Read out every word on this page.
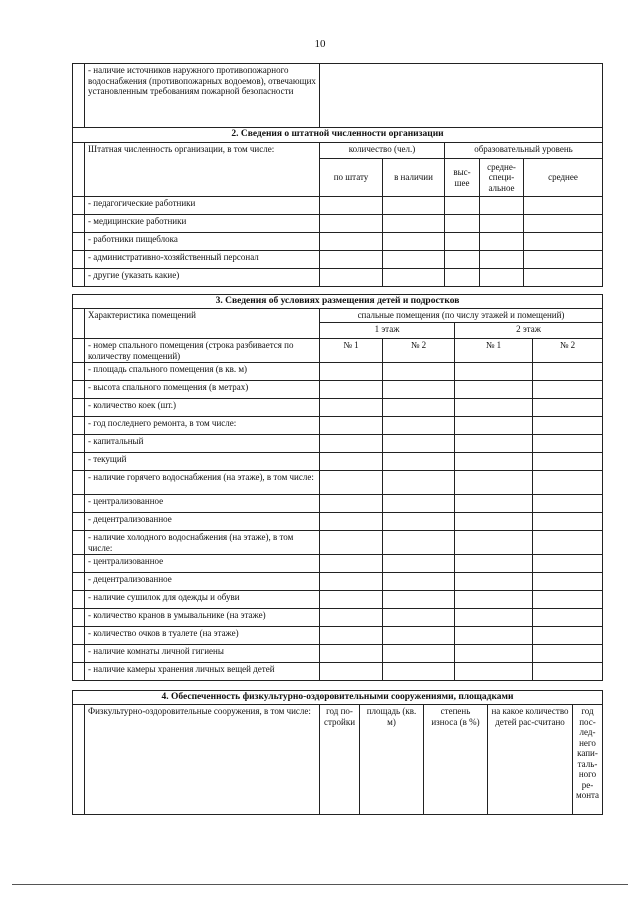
10
	- наличие источников наружного противопожарного водоснабжения (противопожарных водоемов), отвечающих установленным требованиям пожарной безопасности	
2. Сведения о штатной численности организации						
	Штатная численность организации, в том числе:	количество (чел.)		образовательный уровень		
		по штату	в наличии	выс-шее	средне-специ-альное	среднее
	- педагогические работники					
	- медицинские работники					
	- работники пищеблока					
	- административно-хозяйственный персонал					
	- другие (указать какие)					
3. Сведения об условиях размещения детей и подростков					
	Характеристика помещений	спальные помещения (по числу этажей и помещений)			
		1 этаж		2 этаж	
	- номер спального помещения (строка разбивается по количеству помещений)	№ 1	№ 2	№ 1	№ 2
	- площадь спального помещения (в кв. м)				
	- высота спального помещения (в метрах)				
	- количество коек (шт.)				
	- год последнего ремонта, в том числе:				
	- капитальный				
	- текущий				
	- наличие горячего водоснабжения (на этаже), в том числе:				
	- централизованное				
	- децентрализованное				
	- наличие холодного водоснабжения (на этаже), в том числе:				
	- централизованное				
	- децентрализованное				
	- наличие сушилок для одежды и обуви				
	- количество кранов в умывальнике (на этаже)				
	- количество очков в туалете (на этаже)				
	- наличие комнаты личной гигиены				
	- наличие камеры хранения личных вещей детей				
4. Обеспеченность физкультурно-оздоровительными сооружениями, площадками
	Физкультурно-оздоровительные сооружения, в том числе:	год по-стройки	площадь (кв. м)	степень износа (в %)	на какое количество детей рас-считано	год пос-лед-него капи-таль-ного ре-монта
